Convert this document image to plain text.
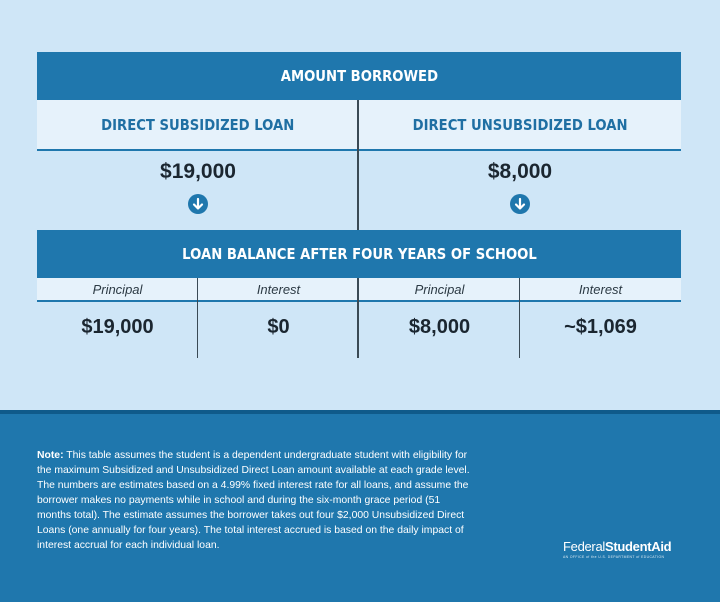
AMOUNT BORROWED
DIRECT SUBSIDIZED LOAN	DIRECT UNSUBSIDIZED LOAN
$19,000	$8,000
LOAN BALANCE AFTER FOUR YEARS OF SCHOOL
Principal	Interest	Principal	Interest
$19,000	$0	$8,000	~$1,069

Note: This table assumes the student is a dependent undergraduate student with eligibility for the maximum Subsidized and Unsubsidized Direct Loan amount available at each grade level. The numbers are estimates based on a 4.99% fixed interest rate for all loans, and assume the borrower makes no payments while in school and during the six-month grace period (51 months total). The estimate assumes the borrower takes out four $2,000 Unsubsidized Direct Loans (one annually for four years). The total interest accrued is based on the daily impact of interest accrual for each individual loan.	FederalStudentAid
AN OFFICE of the U.S. DEPARTMENT of EDUCATION
